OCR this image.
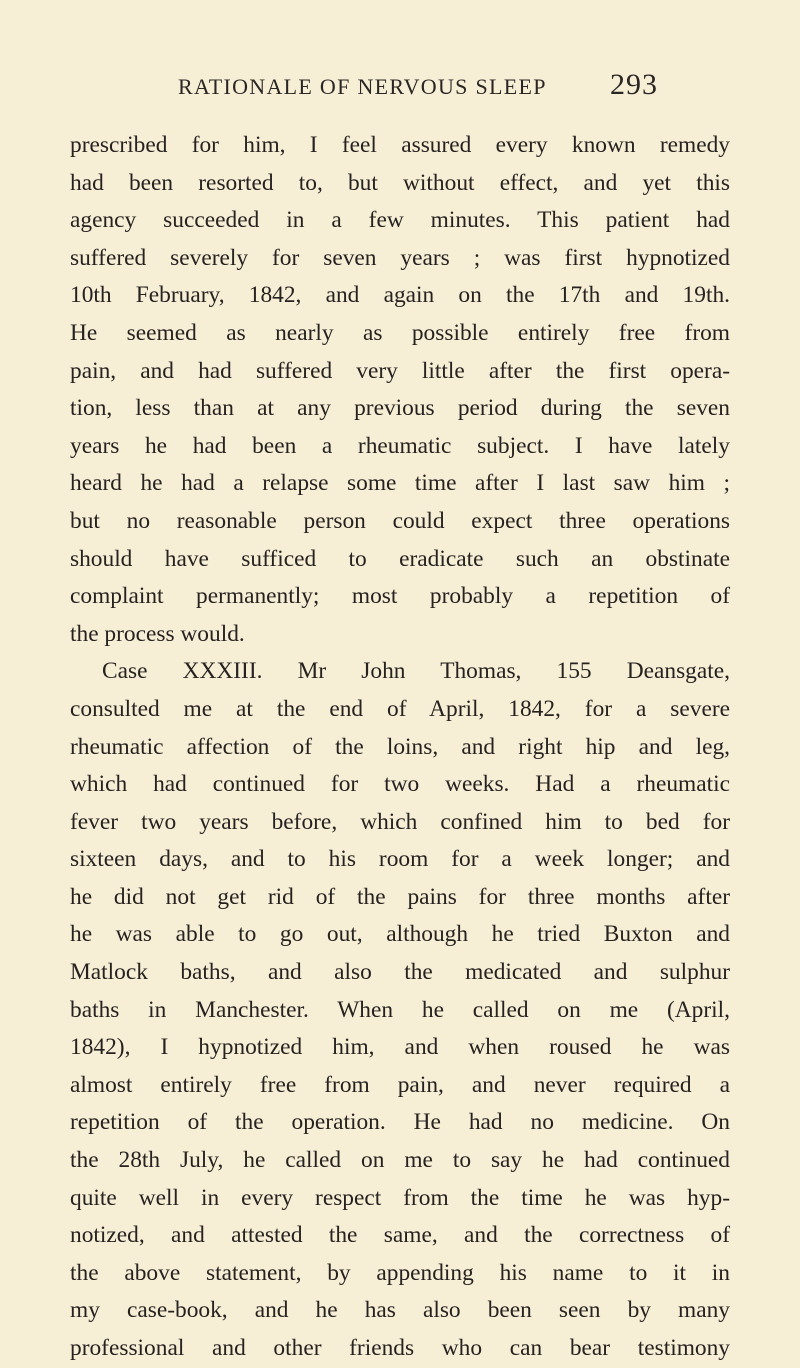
RATIONALE OF NERVOUS SLEEP 293
prescribed for him, I feel assured every known remedy
had been resorted to, but without effect, and yet this
agency succeeded in a few minutes. This patient had
suffered severely for seven years ; was first hypnotized
10th February, 1842, and again on the 17th and 19th.
He seemed as nearly as possible entirely free from
pain, and had suffered very little after the first opera-
tion, less than at any previous period during the seven
years he had been a rheumatic subject. I have lately
heard he had a relapse some time after I last saw him ;
but no reasonable person could expect three operations
should have sufficed to eradicate such an obstinate
complaint permanently; most probably a repetition of
the process would.
Case XXXIII. Mr John Thomas, 155 Deansgate,
consulted me at the end of April, 1842, for a severe
rheumatic affection of the loins, and right hip and leg,
which had continued for two weeks. Had a rheumatic
fever two years before, which confined him to bed for
sixteen days, and to his room for a week longer; and
he did not get rid of the pains for three months after
he was able to go out, although he tried Buxton and
Matlock baths, and also the medicated and sulphur
baths in Manchester. When he called on me (April,
1842), I hypnotized him, and when roused he was
almost entirely free from pain, and never required a
repetition of the operation. He had no medicine. On
the 28th July, he called on me to say he had continued
quite well in every respect from the time he was hyp-
notized, and attested the same, and the correctness of
the above statement, by appending his name to it in
my case-book, and he has also been seen by many
professional and other friends who can bear testimony
